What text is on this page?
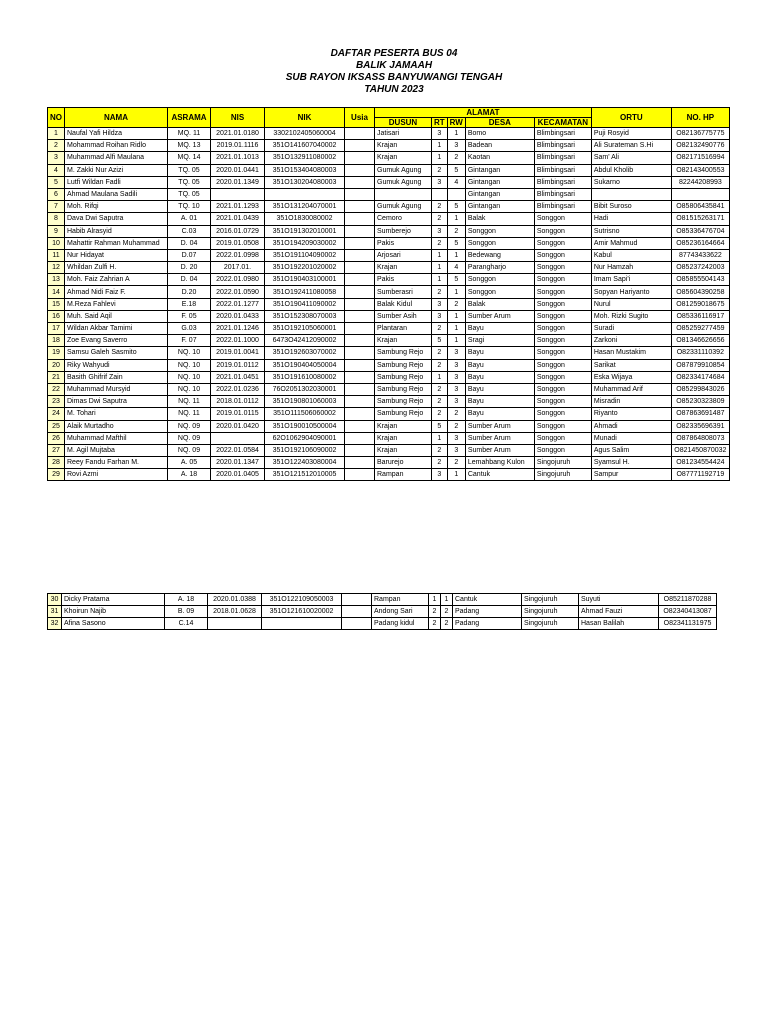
DAFTAR PESERTA BUS 04
BALIK JAMAAH
SUB RAYON IKSASS BANYUWANGI TENGAH
TAHUN 2023
NO	NAMA	ASRAMA	NIS	NIK	Usia	ALAMAT					ORTU	NO. HP
						DUSUN	RT	RW	DESA	KECAMATAN		
1	Naufal Yafi Hildza	MQ. 11	2021.01.0180	3302102405060004		Jatisari	3	1	Bomo	Blimbingsari	Puji Rosyid	O82136775775
2	Mohammad Roihan Ridlo	MQ. 13	2019.01.1116	351O141607040002		Krajan	1	3	Badean	Blimbingsari	Ali Surateman S.Hi	O82132490776
3	Muhammad Alfi Maulana	MQ. 14	2021.01.1013	351O132911080002		Krajan	1	2	Kaotan	Blimbingsari	Sam' Ali	O82171516994
4	M. Zakki Nur Azizi	TQ. 05	2020.01.0441	351O153404080003		Gumuk Agung	2	5	Gintangan	Blimbingsari	Abdul Kholib	O82143400553
5	Lutfi Wildan Fadli	TQ. 05	2020.01.1349	351O130204080003		Gumuk Agung	3	4	Gintangan	Blimbingsari	Sukarno	82244208993
6	Ahmad Maulana Sadili	TQ. 05							Gintangan	Blimbingsari		
7	Moh. Rifqi	TQ. 10	2021.01.1293	351O131204070001		Gumuk Agung	2	5	Gintangan	Blimbingsari	Bibit Suroso	O85806435841
8	Dava Dwi Saputra	A. 01	2021.01.0439	351O1830080002		Cemoro	2	1	Balak	Songgon	Hadi	O81515263171
9	Habib Alrasyid	C.03	2016.01.0729	351O191302010001		Sumberejo	3	2	Songgon	Songgon	Sutrisno	O85336476704
10	Mahattir Rahman Muhammad	D. 04	2019.01.0508	351O194209030002		Pakis	2	5	Songgon	Songgon	Amir Mahmud	O85236164664
11	Nur Hidayat	D.07	2022.01.0998	351O191104090002		Arjosari	1	1	Bedewang	Songgon	Kabul	87743433622
12	Whildan Zulfi H.	D. 20	2017.01.	351O192201020002		Krajan	1	4	Parangharjo	Songgon	Nur Hamzah	O85237242003
13	Moh. Faiz Zahrian A	D. 04	2022.01.0980	351O190403100001		Pakis	1	5	Songgon	Songgon	Imam Sapi'i	O85855504143
14	Ahmad Nidi Faiz F.	D.20	2022.01.0590	351O192411080058		Sumberasri	2	1	Songgon	Songgon	Sopyan Hariyanto	O85604390258
15	M.Reza Fahlevi	E.18	2022.01.1277	351O190411090002		Balak Kidul	3	2	Balak	Songgon	Nurul	O81259018675
16	Muh. Said Aqil	F. 05	2020.01.0433	351O152308070003		Sumber Asih	3	1	Sumber Arum	Songgon	Moh. Rizki Sugito	O85336116917
17	Wildan Akbar Tamimi	G.03	2021.01.1246	351O192105060001		Plantaran	2	1	Bayu	Songgon	Suradi	O85259277459
18	Zoe Evang Saverro	F. 07	2022.01.1000	6473O42412090002		Krajan	5	1	Sragi	Songgon	Zarkoni	O81346626656
19	Samsu Galeh Sasmito	NQ. 10	2019.01.0041	351O192603070002		Sambung Rejo	2	3	Bayu	Songgon	Hasan Mustakim	O82331110392
20	Riky Wahyudi	NQ. 10	2019.01.0112	351O190404050004		Sambung Rejo	2	3	Bayu	Songgon	Sarikat	O87879910854
21	Basith Ghifrif Zain	NQ. 10	2021.01.0451	351O191610080002		Sambung Rejo	1	3	Bayu	Songgon	Eska Wijaya	O82334174684
22	Muhammad Mursyid	NQ. 10	2022.01.0236	76O2051302030001		Sambung Rejo	2	3	Bayu	Songgon	Muhammad Arif	O85299843026
23	Dimas Dwi Saputra	NQ. 11	2018.01.0112	351O190801060003		Sambung Rejo	2	3	Bayu	Songgon	Misradin	O85230323809
24	M. Tohari	NQ. 11	2019.01.0115	351O111506060002		Sambung Rejo	2	2	Bayu	Songgon	Riyanto	O87863691487
25	Alaik Murtadho	NQ. 09	2020.01.0420	351O190010500004		Krajan	5	2	Sumber Arum	Songgon	Ahmadi	O82335696391
26	Muhammad Mafthil	NQ. 09		62O1062904090001		Krajan	1	3	Sumber Arum	Songgon	Munadi	O87864808073
27	M. Agil Mujtaba	NQ. 09	2022.01.0584	351O192106090002		Krajan	2	3	Sumber Arum	Songgon	Agus Salim	O821450870032
28	Reey Fandu Farhan M.	A. 05	2020.01.1347	351O122403080004		Barurejo	2	2	Lemahbang Kulon	Singojuruh	Syamsul H.	O81234554424
29	Rovi Azmi	A. 18	2020.01.0405	351O121512010005		Rampan	3	1	Cantuk	Singojuruh	Sampur	O87771192719
30	Dicky Pratama	A. 18	2020.01.0388	351O122109050003		Rampan	1	1	Cantuk	Singojuruh	Suyuti	O85211870288
31	Khoirun Najib	B. 09	2018.01.0628	351O121610020002		Andong Sari	2	2	Padang	Singojuruh	Ahmad Fauzi	O82340413087
32	Afina Sasono	C.14				Padang kidul	2	2	Padang	Singojuruh	Hasan Balilah	O82341131975
